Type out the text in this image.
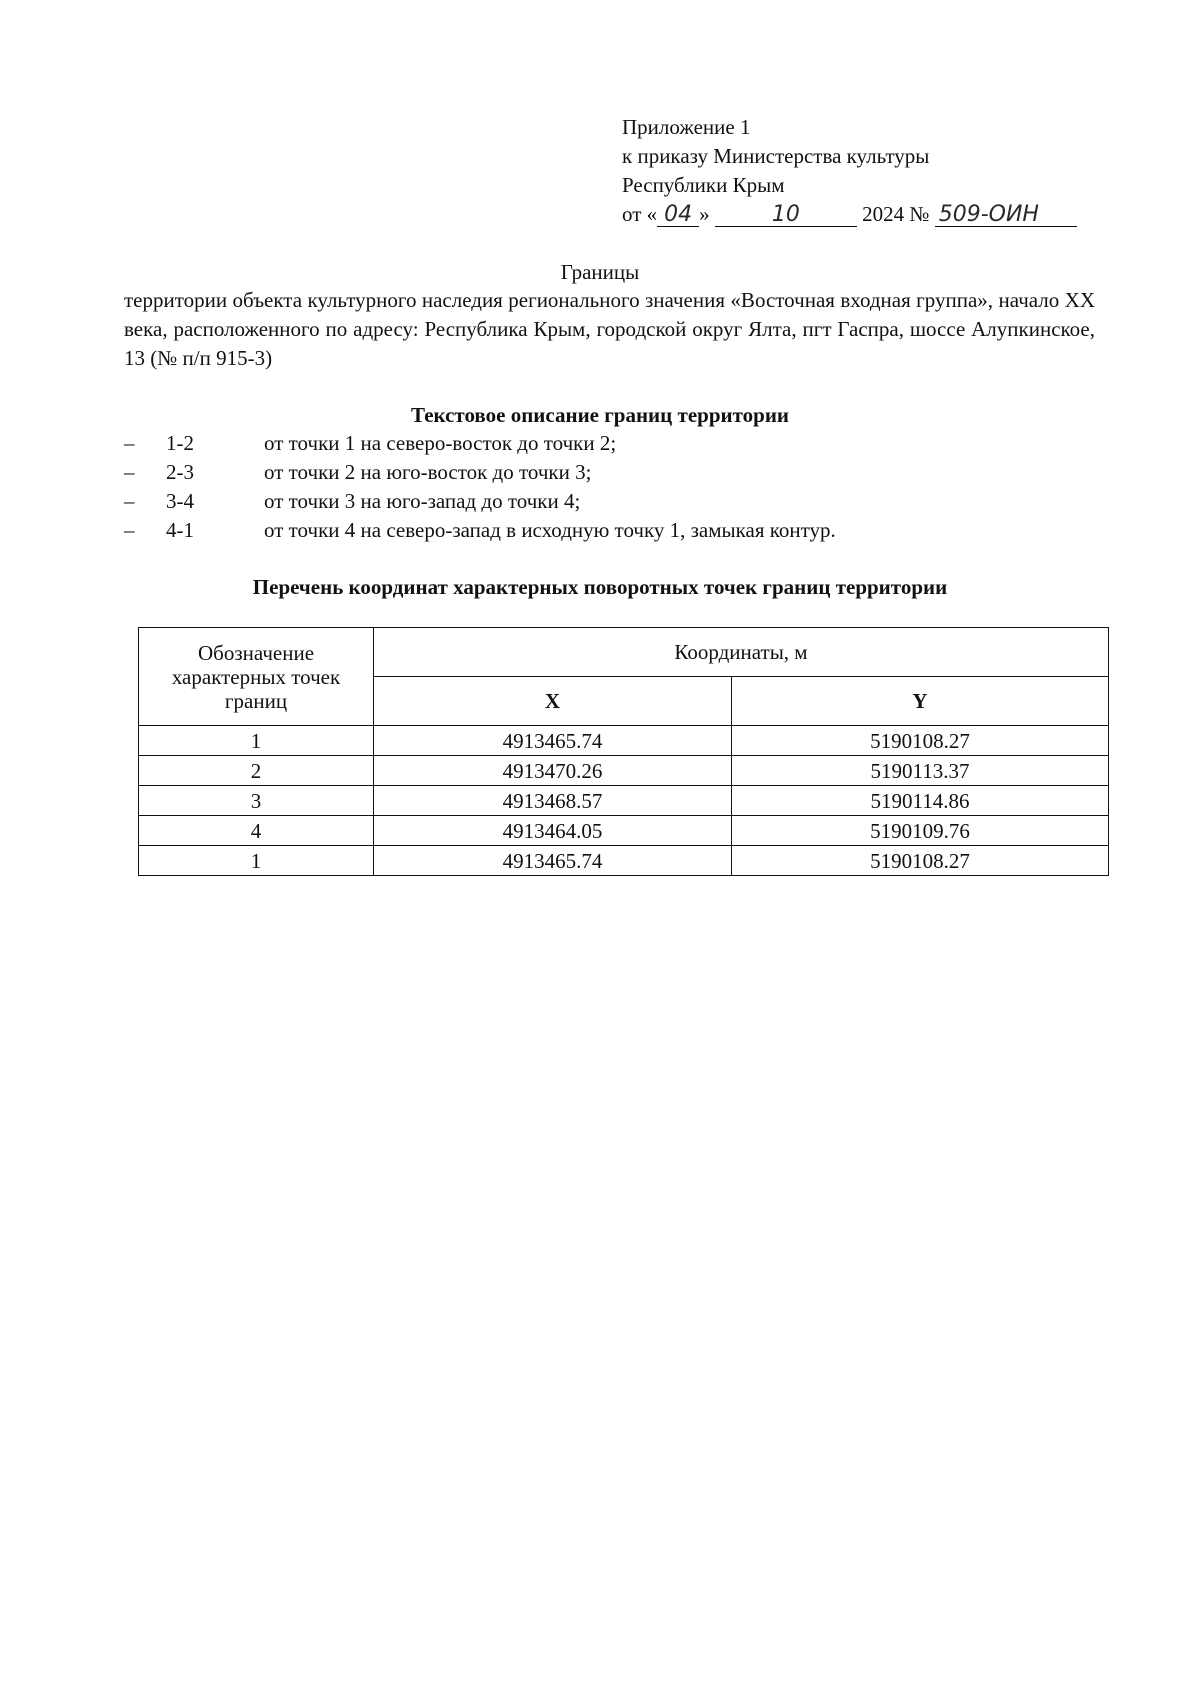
Приложение 1
к приказу Министерства культуры
Республики Крым
от « 04 »	10	2024 № 509-ОИН
Границы
территории объекта культурного наследия регионального значения «Восточная входная группа», начало XX века, расположенного по адресу: Республика Крым, городской округ Ялта, пгт Гаспра, шоссе Алупкинское, 13 (№ п/п 915-3)
Текстовое описание границ территории
– 1-2	от точки 1 на северо-восток до точки 2;
– 2-3	от точки 2 на юго-восток до точки 3;
– 3-4	от точки 3 на юго-запад до точки 4;
– 4-1	от точки 4 на северо-запад в исходную точку 1, замыкая контур.
Перечень координат характерных поворотных точек границ территории
Обозначение характерных точек границ	Координаты, м	
	X	Y
1	4913465.74	5190108.27
2	4913470.26	5190113.37
3	4913468.57	5190114.86
4	4913464.05	5190109.76
1	4913465.74	5190108.27
